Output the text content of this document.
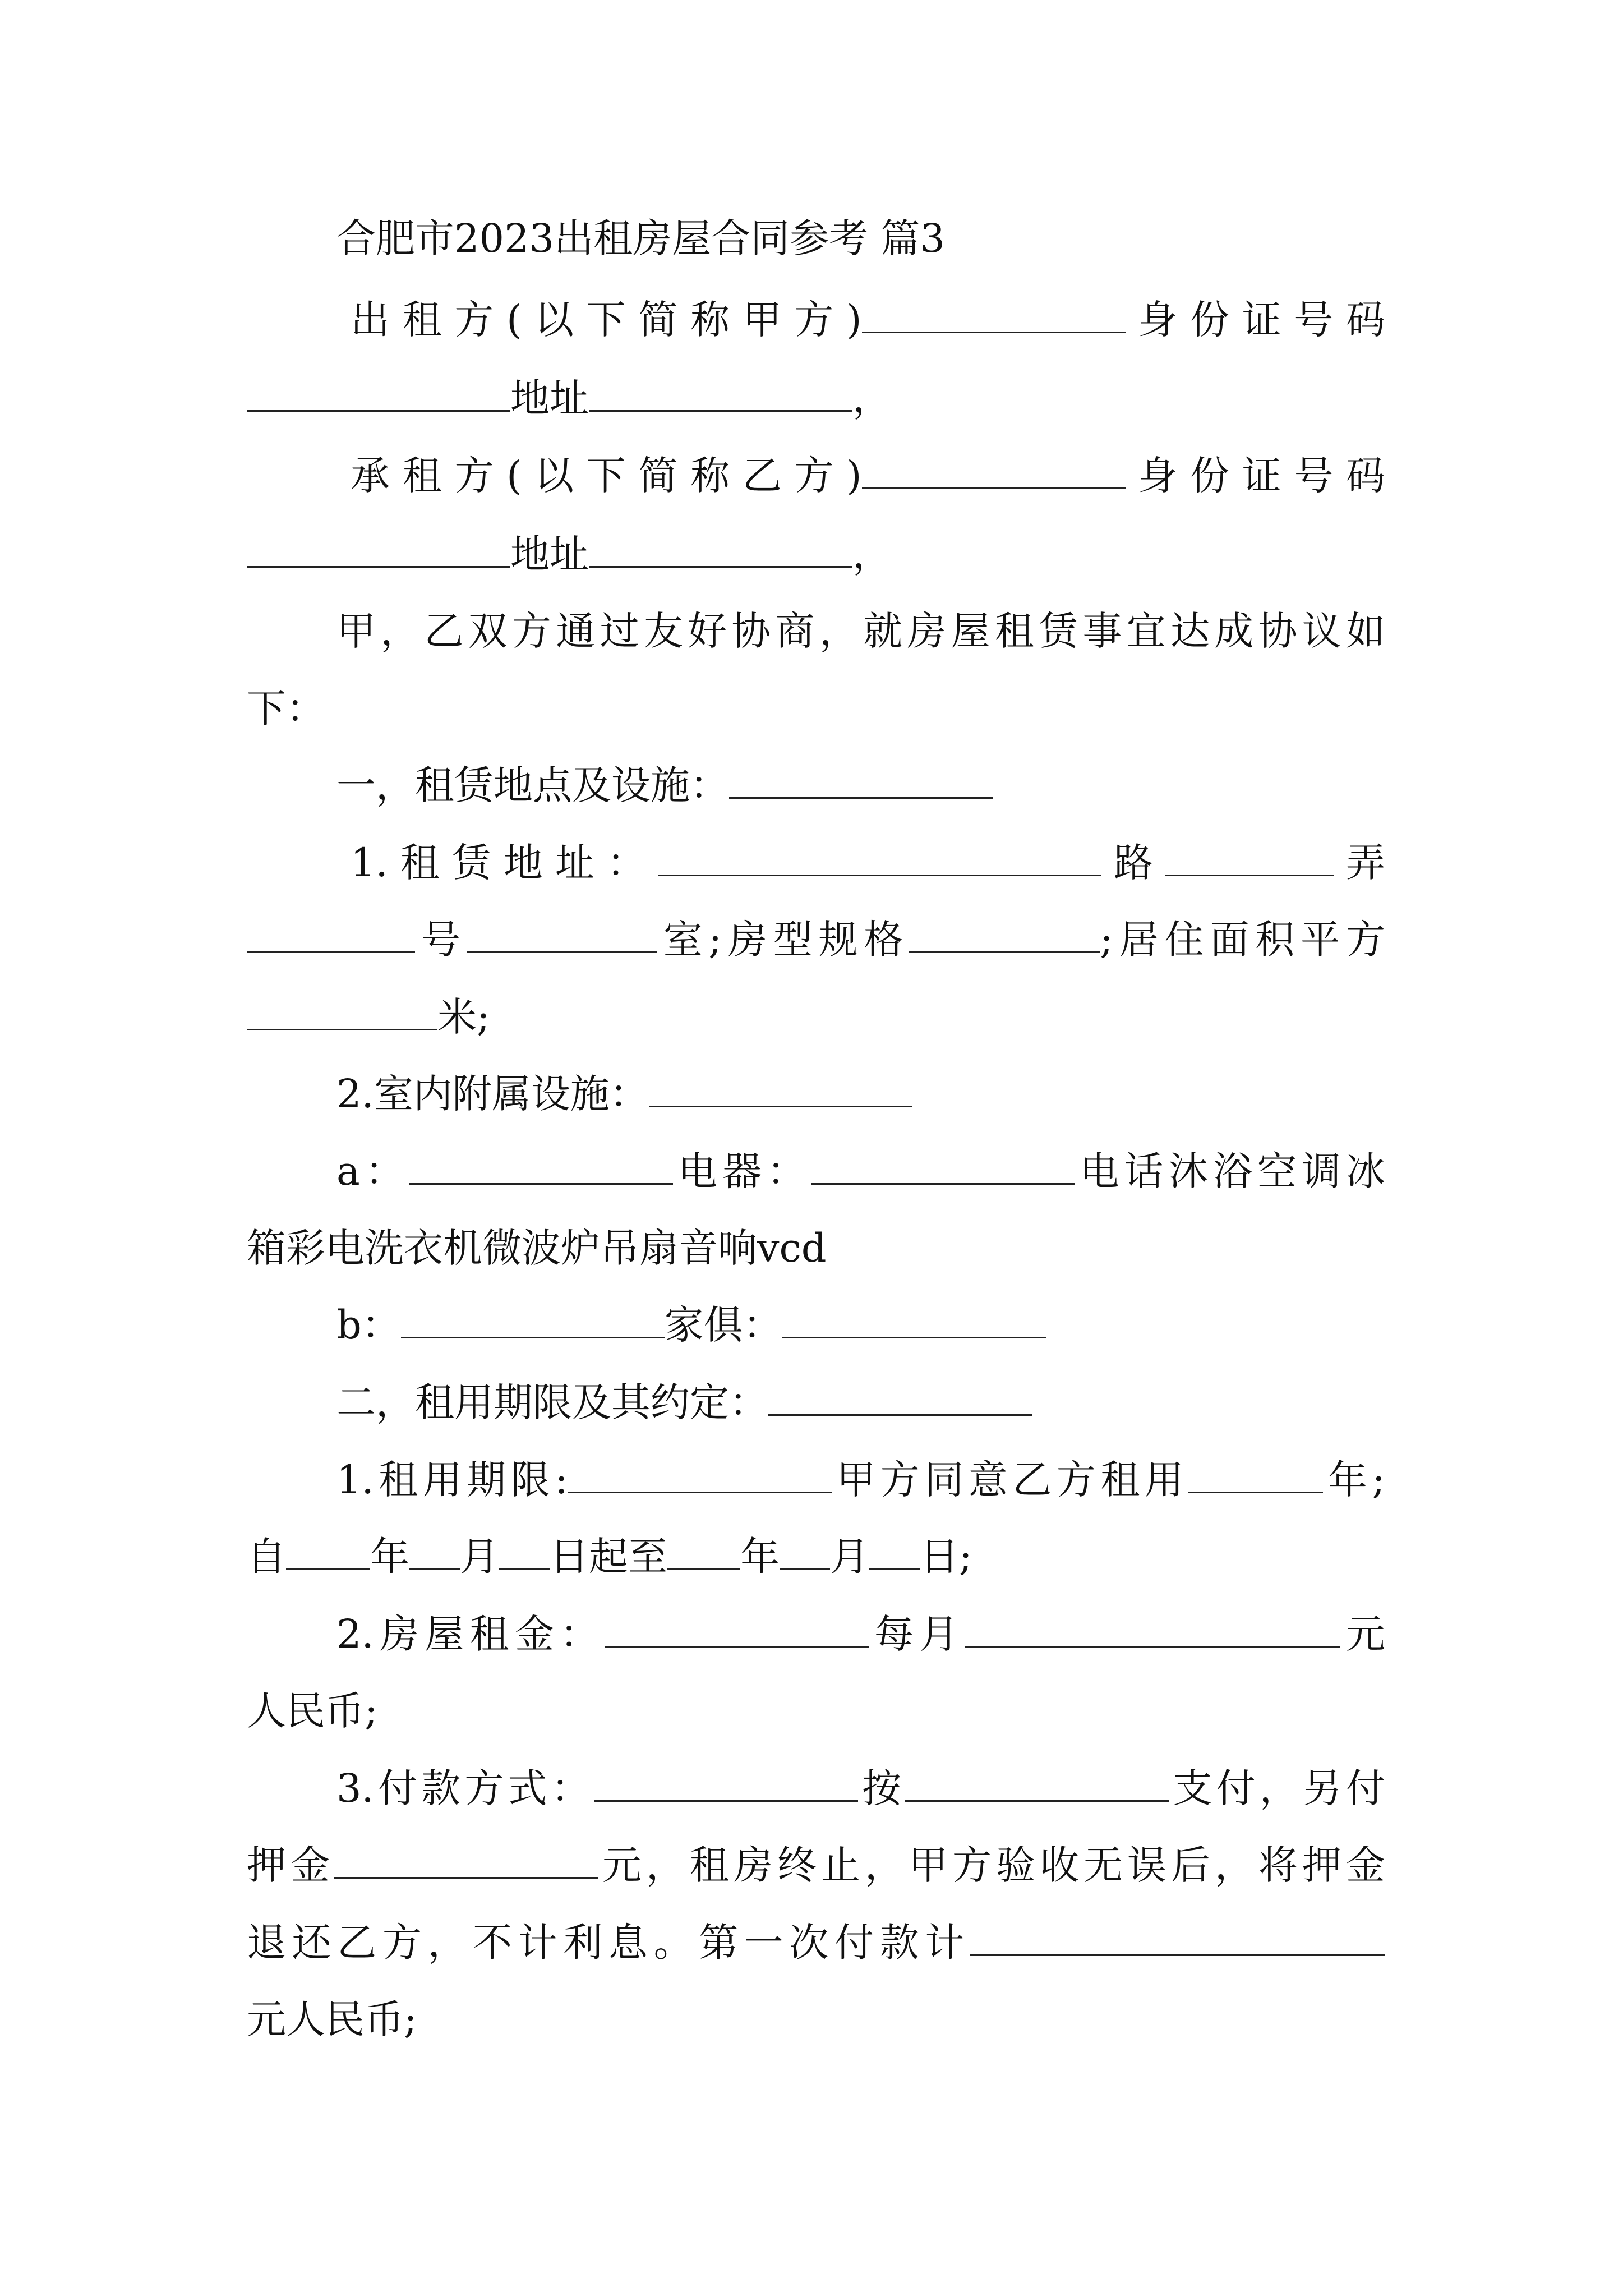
合肥市2023出租房屋合同参考 篇3
出租方(以下简称甲方)	身份证号码
地址	，
承租方(以下简称乙方)	身份证号码
地址	，
甲，乙双方通过友好协商，就房屋租赁事宜达成协议如
下：
一，租赁地点及设施：
1.租赁地址：	路	弄
号	室;房型规格	;居住面积平方
米;
2.室内附属设施：
a：	电器：	电话沐浴空调冰
箱彩电洗衣机微波炉吊扇音响vcd
b：	家俱：
二，租用期限及其约定：
1.租用期限:	甲方同意乙方租用	年;
自 年 月 日起至 年 月 日;
2.房屋租金：	每月	元
人民币;
3.付款方式：	按	支付，另付
押金	元，租房终止，甲方验收无误后，将押金
退还乙方，不计利息。第一次付款计
元人民币;
